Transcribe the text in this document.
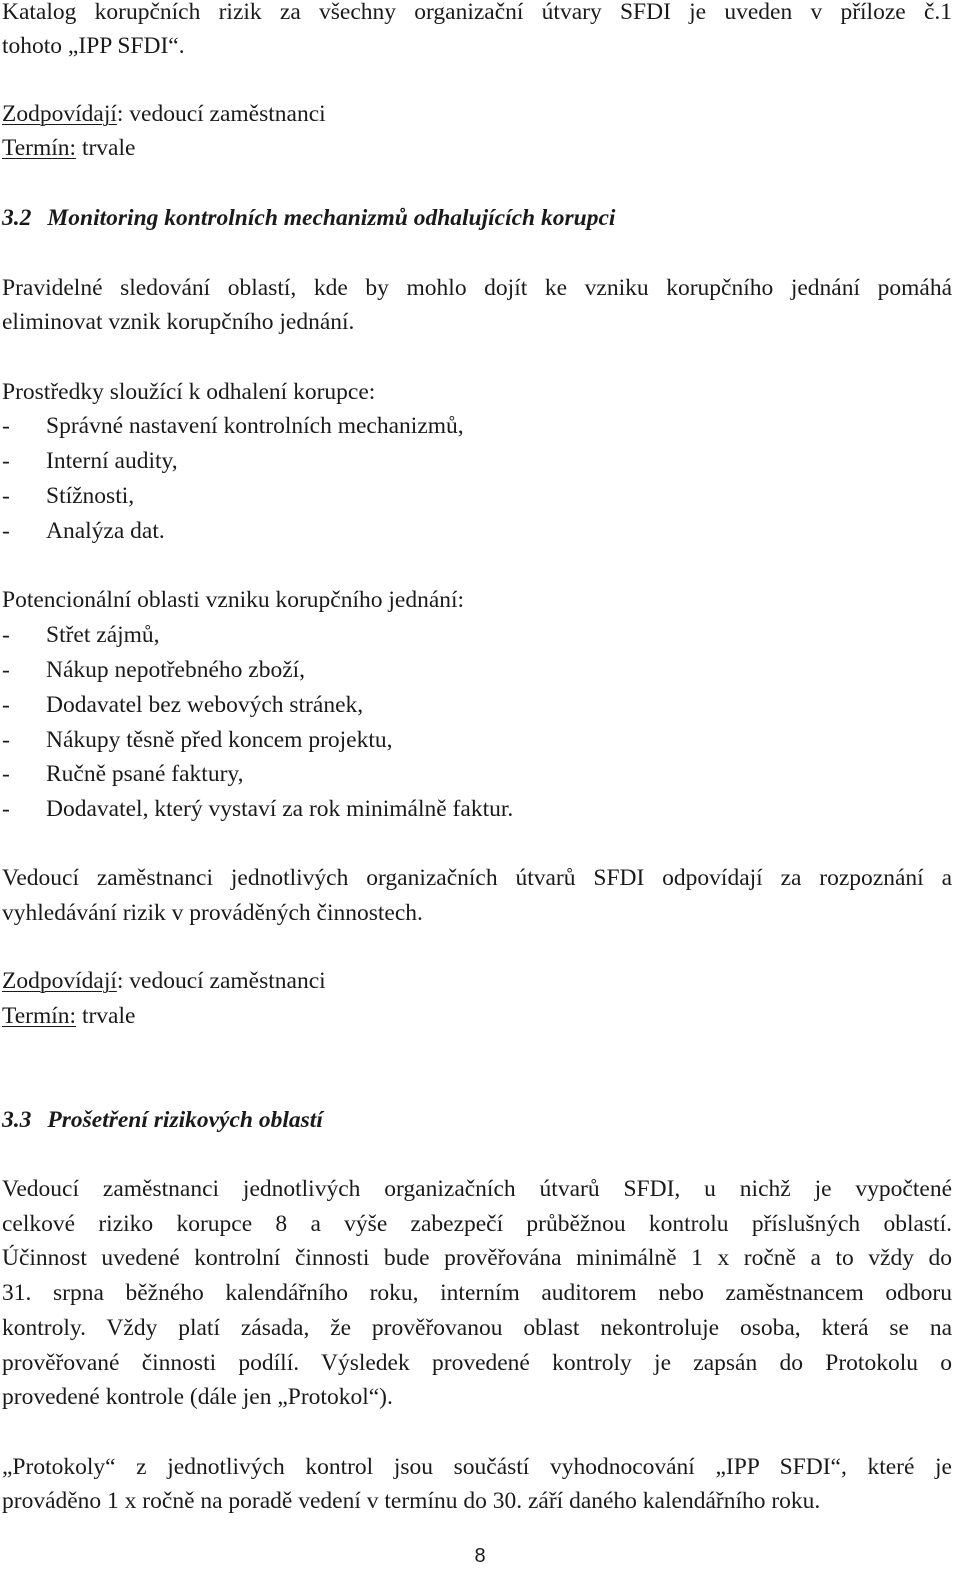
Katalog korupčních rizik za všechny organizační útvary SFDI je uveden v příloze č.1
tohoto „IPP SFDI“.
Zodpovídají: vedoucí zaměstnanci
Termín: trvale
3.2 Monitoring kontrolních mechanizmů odhalujících korupci
Pravidelné sledování oblastí, kde by mohlo dojít ke vzniku korupčního jednání pomáhá
eliminovat vznik korupčního jednání.
Prostředky sloužící k odhalení korupce:
- Správné nastavení kontrolních mechanizmů,
- Interní audity,
- Stížnosti,
- Analýza dat.
Potencionální oblasti vzniku korupčního jednání:
- Střet zájmů,
- Nákup nepotřebného zboží,
- Dodavatel bez webových stránek,
- Nákupy těsně před koncem projektu,
- Ručně psané faktury,
- Dodavatel, který vystaví za rok minimálně faktur.
Vedoucí zaměstnanci jednotlivých organizačních útvarů SFDI odpovídají za rozpoznání a
vyhledávání rizik v prováděných činnostech.
Zodpovídají: vedoucí zaměstnanci
Termín: trvale
3.3 Prošetření rizikových oblastí
Vedoucí zaměstnanci jednotlivých organizačních útvarů SFDI, u nichž je vypočtené
celkové riziko korupce 8 a výše zabezpečí průběžnou kontrolu příslušných oblastí.
Účinnost uvedené kontrolní činnosti bude prověřována minimálně 1 x ročně a to vždy do
31. srpna běžného kalendářního roku, interním auditorem nebo zaměstnancem odboru
kontroly. Vždy platí zásada, že prověřovanou oblast nekontroluje osoba, která se na
prověřované činnosti podílí. Výsledek provedené kontroly je zapsán do Protokolu o
provedené kontrole (dále jen „Protokol“).
„Protokoly“ z jednotlivých kontrol jsou součástí vyhodnocování „IPP SFDI“, které je
prováděno 1 x ročně na poradě vedení v termínu do 30. září daného kalendářního roku.
8
